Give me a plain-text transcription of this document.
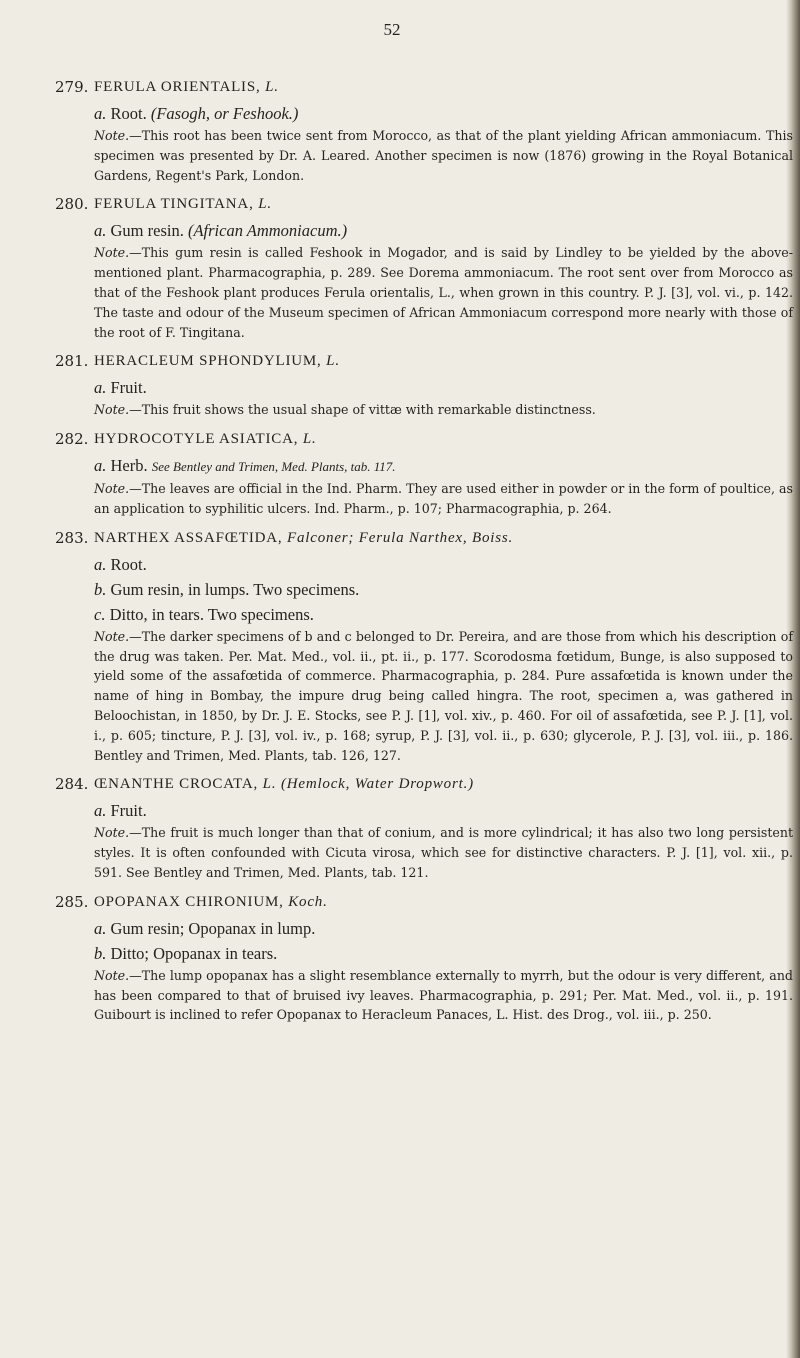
52
279. FERULA ORIENTALIS, L.
a. Root. (Fasogh, or Feshook.)
Note.—This root has been twice sent from Morocco, as that of the plant yielding African ammoniacum. This specimen was presented by Dr. A. Leared. Another specimen is now (1876) growing in the Royal Botanical Gardens, Regent's Park, London.
280. FERULA TINGITANA, L.
a. Gum resin. (African Ammoniacum.)
Note.—This gum resin is called Feshook in Mogador, and is said by Lindley to be yielded by the above-mentioned plant. Pharmacographia, p. 289. See Dorema ammoniacum. The root sent over from Morocco as that of the Feshook plant produces Ferula orientalis, L., when grown in this country. P. J. [3], vol. vi., p. 142. The taste and odour of the Museum specimen of African Ammoniacum correspond more nearly with those of the root of F. Tingitana.
281. HERACLEUM SPHONDYLIUM, L.
a. Fruit.
Note.—This fruit shows the usual shape of vittæ with remarkable distinctness.
282. HYDROCOTYLE ASIATICA, L.
a. Herb. See Bentley and Trimen, Med. Plants, tab. 117.
Note.—The leaves are official in the Ind. Pharm. They are used either in powder or in the form of poultice, as an application to syphilitic ulcers. Ind. Pharm., p. 107; Pharmacographia, p. 264.
283. NARTHEX ASSAFŒTIDA, Falconer; Ferula Narthex, Boiss.
a. Root.
b. Gum resin, in lumps. Two specimens.
c. Ditto, in tears. Two specimens.
Note.—The darker specimens of b and c belonged to Dr. Pereira, and are those from which his description of the drug was taken. Per. Mat. Med., vol. ii., pt. ii., p. 177. Scorodosma fœtidum, Bunge, is also supposed to yield some of the assafœtida of commerce. Pharmacographia, p. 284. Pure assafœtida is known under the name of hing in Bombay, the impure drug being called hingra. The root, specimen a, was gathered in Beloochistan, in 1850, by Dr. J. E. Stocks, see P. J. [1], vol. xiv., p. 460. For oil of assafœtida, see P. J. [1], vol. i., p. 605; tincture, P. J. [3], vol. iv., p. 168; syrup, P. J. [3], vol. ii., p. 630; glycerole, P. J. [3], vol. iii., p. 186. Bentley and Trimen, Med. Plants, tab. 126, 127.
284. ŒNANTHE CROCATA, L. (Hemlock, Water Dropwort.)
a. Fruit.
Note.—The fruit is much longer than that of conium, and is more cylindrical; it has also two long persistent styles. It is often confounded with Cicuta virosa, which see for distinctive characters. P. J. [1], vol. xii., p. 591. See Bentley and Trimen, Med. Plants, tab. 121.
285. OPOPANAX CHIRONIUM, Koch.
a. Gum resin; Opopanax in lump.
b. Ditto; Opopanax in tears.
Note.—The lump opopanax has a slight resemblance externally to myrrh, but the odour is very different, and has been compared to that of bruised ivy leaves. Pharmacographia, p. 291; Per. Mat. Med., vol. ii., p. 191. Guibourt is inclined to refer Opopanax to Heracleum Panaces, L. Hist. des Drog., vol. iii., p. 250.
